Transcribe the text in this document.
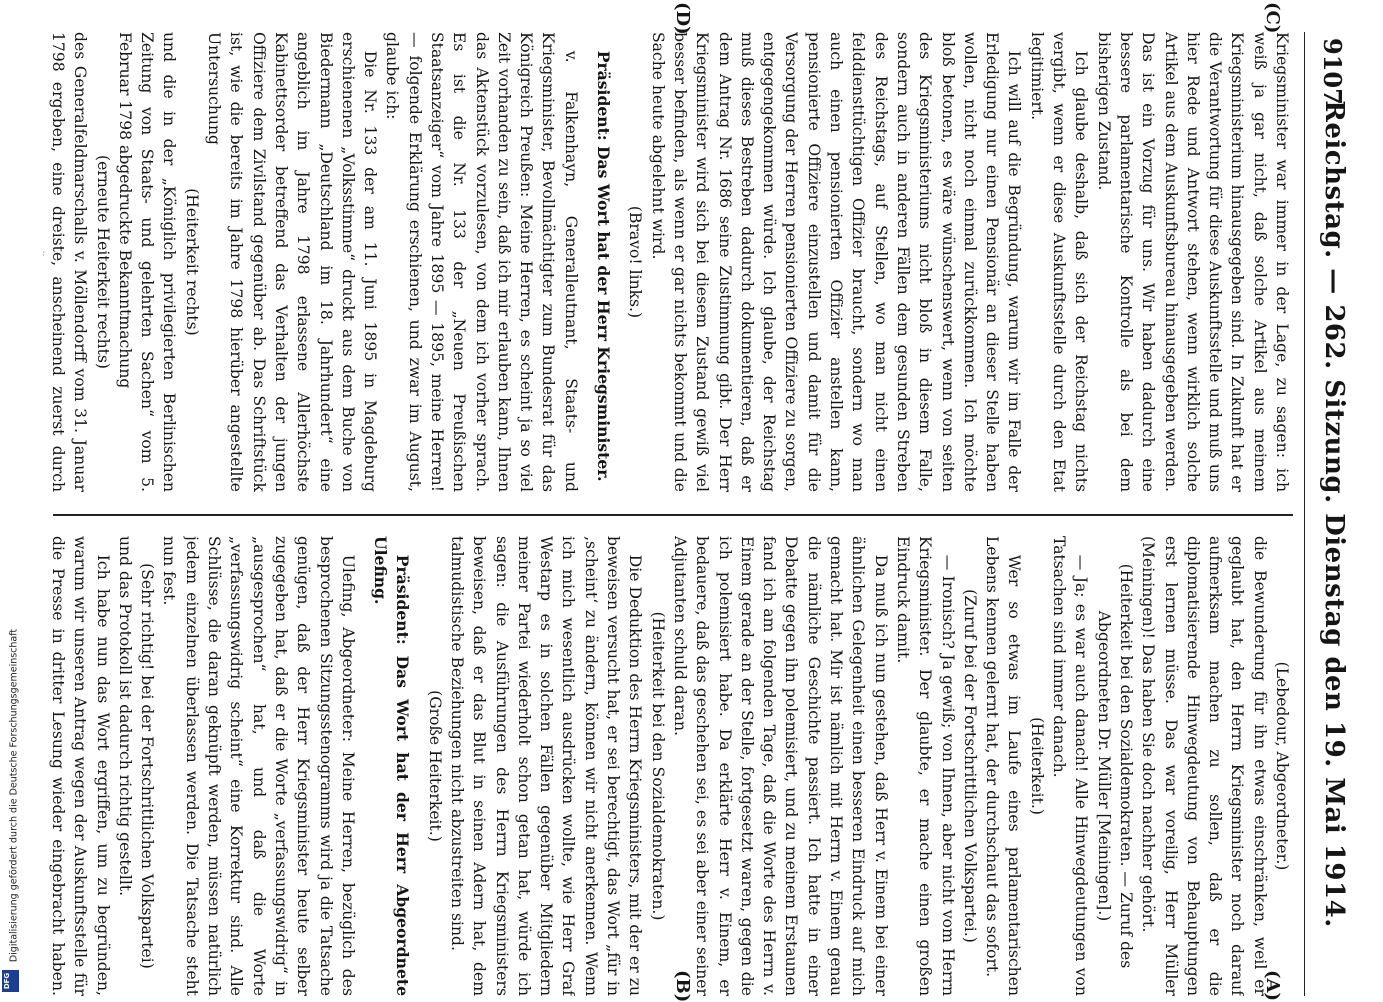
9107
Reichstag. — 262. Sitzung. Dienstag den 19. Mai 1914.
(C)
(D)
(A)
(B)

Kriegsminister war immer in der Lage, zu sagen: ich weiß ja gar nicht, daß solche Artikel aus meinem Kriegsministerium hinausgegeben sind. In Zukunft hat er die Verantwortung für diese Auskunftsstelle und muß uns hier Rede und Antwort stehen, wenn wirklich solche Artikel aus dem Auskunftsbureau hinausgegeben werden. Das ist ein Vorzug für uns. Wir haben dadurch eine bessere parlamentarische Kontrolle als bei dem bisherigen Zustand.

Ich glaube deshalb, daß sich der Reichstag nichts vergibt, wenn er diese Auskunftsstelle durch den Etat legitimiert.

Ich will auf die Begründung, warum wir im Falle der Erledigung nur einen Pensionär an dieser Stelle haben wollen, nicht noch einmal zurückkommen. Ich möchte bloß betonen, es wäre wünschenswert, wenn von seiten des Kriegsministeriums nicht bloß in diesem Falle, sondern auch in anderen Fällen dem gesunden Streben des Reichstags, auf Stellen, wo man nicht einen felddiensttüchtigen Offizier braucht, sondern wo man auch einen pensionierten Offizier anstellen kann, pensionierte Offiziere einzustellen und damit für die Versorgung der Herren pensionierten Offiziere zu sorgen, entgegengekommen würde. Ich glaube, der Reichstag muß dieses Bestreben dadurch dokumentieren, daß er dem Antrag Nr. 1686 seine Zustimmung gibt. Der Herr Kriegsminister wird sich bei diesem Zustand gewiß viel besser befinden, als wenn er gar nichts bekommt und die Sache heute abgelehnt wird.

(Bravo! links.)

Präsident: Das Wort hat der Herr Kriegsminister.

v. Falkenhayn, Generalleutnant, Staats- und Kriegsminister, Bevollmächtigter zum Bundesrat für das Königreich Preußen: Meine Herren, es scheint ja so viel Zeit vorhanden zu sein, daß ich mir erlauben kann, Ihnen das Aktenstück vorzulesen, von dem ich vorher sprach. Es ist die Nr. 133 der „Neuen Preußischen Staatsanzeiger“ vom Jahre 1895 — 1895, meine Herren! — folgende Erklärung erschienen, und zwar im August, glaube ich:

Die Nr. 133 der am 11. Juni 1895 in Magdeburg erschienenen „Volksstimme“ druckt aus dem Buche von Biedermann „Deutschland im 18. Jahrhundert“ eine angeblich im Jahre 1798 erlassene Allerhöchste Kabinettsorder betreffend das Verhalten der jungen Offiziere dem Zivilstand gegenüber ab. Das Schriftstück ist, wie die bereits im Jahre 1798 hierüber angestellte Untersuchung

(Heiterkeit rechts)

und die in der „Königlich privilegierten Berlinischen Zeitung von Staats- und gelehrten Sachen“ vom 5. Februar 1798 abgedruckte Bekanntmachung

(erneute Heiterkeit rechts)

des Generalfeldmarschalls v. Möllendorff vom 31. Januar 1798 ergeben, eine dreiste, anscheinend zuerst durch

(Lebedour, Abgeordneter.)

die Bewunderung für ihn etwas einschränken, weil er geglaubt hat, den Herrn Kriegsminister noch darauf aufmerksam machen zu sollen, daß er die diplomatisierende Hinwegdeutung von Behauptungen erst lernen müsse. Das war voreilig, Herr Müller (Meiningen)! Das haben Sie doch nachher gehört.

(Heiterkeit bei den Sozialdemokraten. — Zuruf des Abgeordneten Dr. Müller [Meiningen].)

— Ja; es war auch danach! Alle Hinwegdeutungen von Tatsachen sind immer danach.

(Heiterkeit.)

Wer so etwas im Laufe eines parlamentarischen Lebens kennen gelernt hat, der durchschaut das sofort.

(Zuruf bei der Fortschrittlichen Volkspartei.)

— Ironisch? Ja gewiß; von Ihnen, aber nicht vom Herrn Kriegsminister. Der glaubte, er mache einen großen Eindruck damit.

Da muß ich nun gestehen, daß Herr v. Einem bei einer ähnlichen Gelegenheit einen besseren Eindruck auf mich gemacht hat. Mir ist nämlich mit Herrn v. Einem genau die nämliche Geschichte passiert. Ich hatte in einer Debatte gegen ihn polemisiert, und zu meinem Erstaunen fand ich am folgenden Tage, daß die Worte des Herrn v. Einem gerade an der Stelle, fortgesetzt waren, gegen die ich polemisiert habe. Da erklärte Herr v. Einem, er bedauere, daß das geschehen sei, es sei aber einer seiner Adjutanten schuld daran.

(Heiterkeit bei den Sozialdemokraten.)

Die Deduktion des Herrn Kriegsministers, mit der er zu beweisen versucht hat, er sei berechtigt, das Wort „für in ‚scheint‘ zu ändern, können wir nicht anerkennen. Wenn ich mich wesentlich ausdrücken wollte, wie Herr Graf Westarp es in solchen Fällen gegenüber Mitgliedern meiner Partei wiederholt schon getan hat, würde ich sagen: die Ausführungen des Herrn Kriegsministers beweisen, daß er das Blut in seinen Adern hat, dem talmudistische Beziehungen nicht abzustreiten sind.

(Große Heiterkeit.)

Präsident: Das Wort hat der Herr Abgeordnete Ulefing.

Ulefing, Abgeordneter: Meine Herren, bezüglich des besprochenen Sitzungsstenogramms wird ja die Tatsache genügen, daß der Herr Kriegsminister heute selber zugegeben hat, daß er die Worte „verfassungswidrig“ in „ausgesprochen“ hat, und daß die Worte „verfassungswidrig scheint“ eine Korrektur sind. Alle Schlüsse, die daran geknüpft werden, müssen natürlich jedem einzelnen überlassen werden. Die Tatsache steht nun fest.

(Sehr richtig! bei der Fortschrittlichen Volkspartei)

und das Protokoll ist dadurch richtig gestellt.

Ich habe nun das Wort ergriffen, um zu begründen, warum wir unseren Antrag wegen der Auskunftsstelle für die Presse in dritter Lesung wieder eingebracht haben.

Digitalisierung gefördert durch die Deutsche Forschungsgemeinschaft
DFG
